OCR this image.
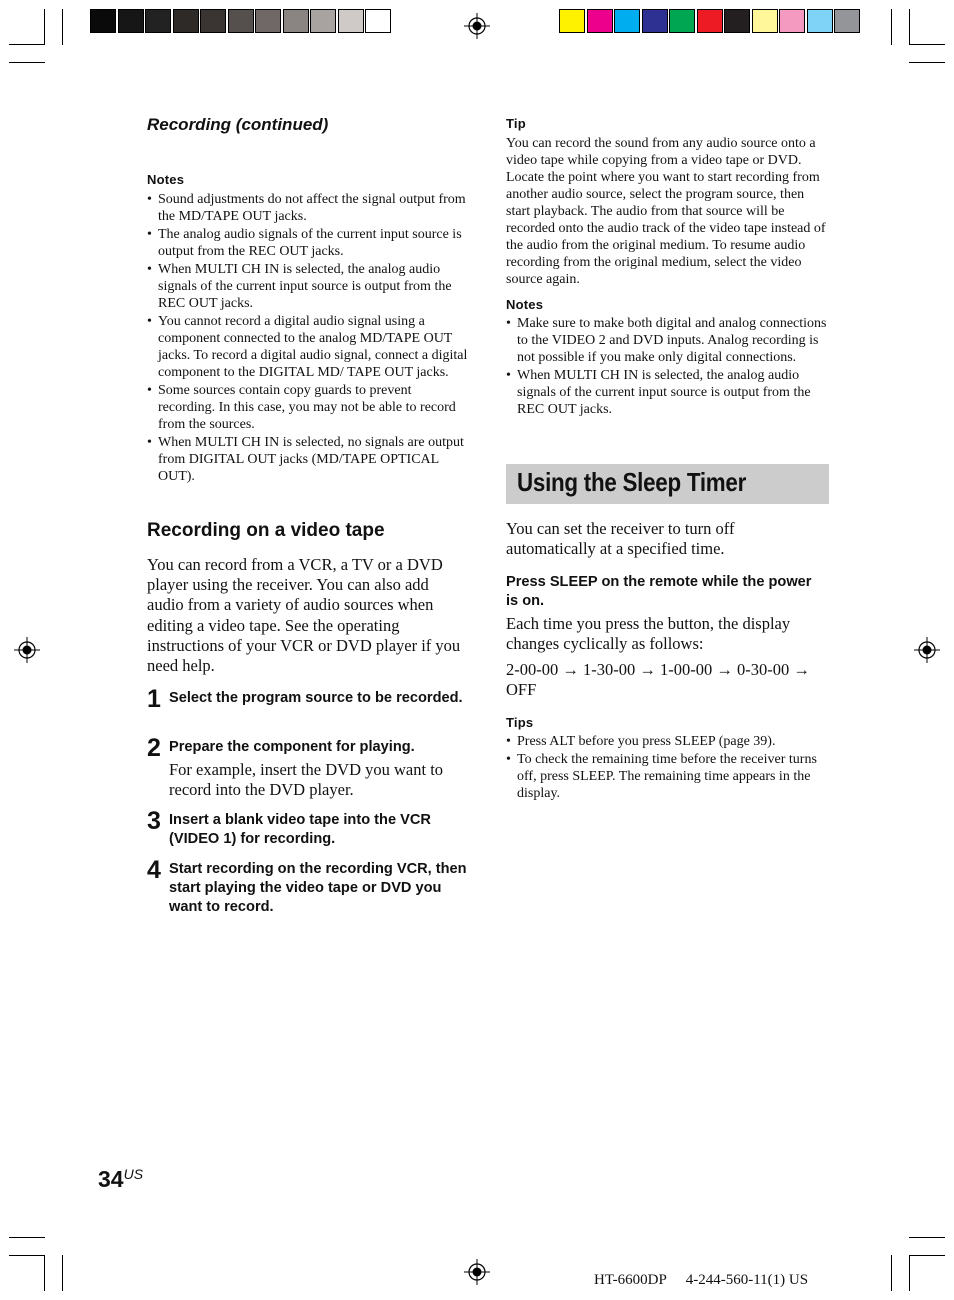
Recording (continued)
Notes
• Sound adjustments do not affect the signal output from the MD/TAPE OUT jacks.
• The analog audio signals of the current input source is output from the REC OUT jacks.
• When MULTI CH IN is selected, the analog audio signals of the current input source is output from the REC OUT jacks.
• You cannot record a digital audio signal using a component connected to the analog MD/TAPE OUT jacks. To record a digital audio signal, connect a digital component to the DIGITAL MD/ TAPE OUT jacks.
• Some sources contain copy guards to prevent recording. In this case, you may not be able to record from the sources.
• When MULTI CH IN is selected, no signals are output from DIGITAL OUT jacks (MD/TAPE OPTICAL OUT).
Recording on a video tape
You can record from a VCR, a TV or a DVD player using the receiver. You can also add audio from a variety of audio sources when editing a video tape. See the operating instructions of your VCR or DVD player if you need help.
1 Select the program source to be recorded.
2 Prepare the component for playing.
For example, insert the DVD you want to record into the DVD player.
3 Insert a blank video tape into the VCR (VIDEO 1) for recording.
4 Start recording on the recording VCR, then start playing the video tape or DVD you want to record.
Tip
You can record the sound from any audio source onto a video tape while copying from a video tape or DVD. Locate the point where you want to start recording from another audio source, select the program source, then start playback. The audio from that source will be recorded onto the audio track of the video tape instead of the audio from the original medium. To resume audio recording from the original medium, select the video source again.
Notes
• Make sure to make both digital and analog connections to the VIDEO 2 and DVD inputs. Analog recording is not possible if you make only digital connections.
• When MULTI CH IN is selected, the analog audio signals of the current input source is output from the REC OUT jacks.
Using the Sleep Timer
You can set the receiver to turn off automatically at a specified time.
Press SLEEP on the remote while the power is on.
Each time you press the button, the display changes cyclically as follows:
2-00-00 → 1-30-00 → 1-00-00 → 0-30-00 → OFF
Tips
• Press ALT before you press SLEEP (page 39).
• To check the remaining time before the receiver turns off, press SLEEP. The remaining time appears in the display.
$34^{US}$
HT-6600DP 4-244-560-11(1) US
